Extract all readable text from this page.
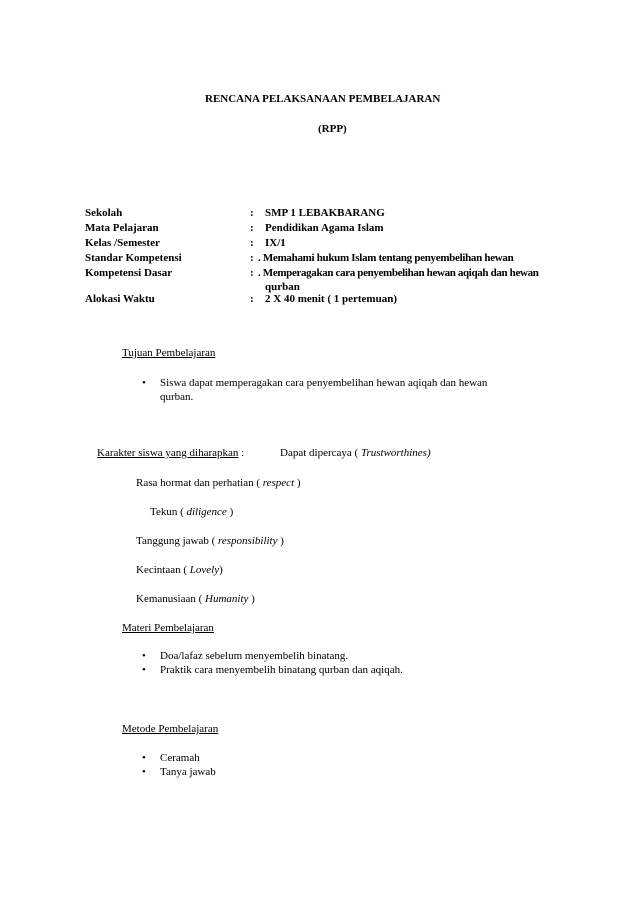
RENCANA PELAKSANAAN PEMBELAJARAN
(RPP)
Sekolah	: SMP 1 LEBAKBARANG
Mata Pelajaran	: Pendidikan Agama Islam
Kelas /Semester	: IX/1
Standar Kompetensi	: . Memahami hukum Islam tentang penyembelihan hewan
Kompetensi Dasar	: . Memperagakan cara penyembelihan hewan aqiqah dan hewan
qurban
Alokasi Waktu	: 2 X 40 menit ( 1 pertemuan)
Tujuan Pembelajaran
• Siswa dapat memperagakan cara penyembelihan hewan aqiqah dan hewan
qurban.
Karakter siswa yang diharapkan :	Dapat dipercaya ( Trustworthines)
Rasa hormat dan perhatian ( respect )
Tekun ( diligence )
Tanggung jawab ( responsibility )
Kecintaan ( Lovely)
Kemanusiaan ( Humanity )
Materi Pembelajaran
• Doa/lafaz sebelum menyembelih binatang.
• Praktik cara menyembelih binatang qurban dan aqiqah.
Metode Pembelajaran
• Ceramah
• Tanya jawab
